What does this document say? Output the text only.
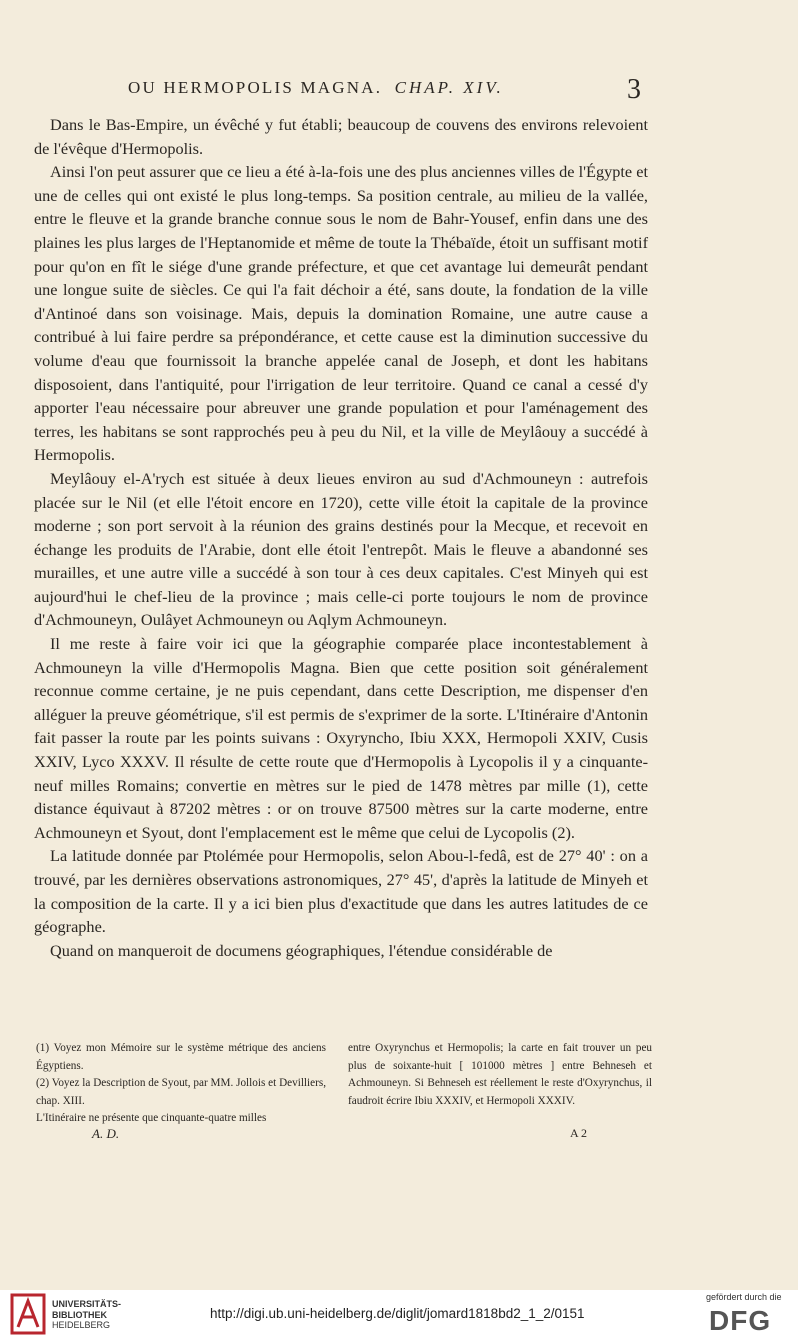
OU HERMOPOLIS MAGNA. CHAP. XIV.	3

Dans le Bas-Empire, un évêché y fut établi; beaucoup de couvens des environs relevoient de l'évêque d'Hermopolis.

Ainsi l'on peut assurer que ce lieu a été à-la-fois une des plus anciennes villes de l'Égypte et une de celles qui ont existé le plus long-temps. Sa position centrale, au milieu de la vallée, entre le fleuve et la grande branche connue sous le nom de Bahr-Yousef, enfin dans une des plaines les plus larges de l'Heptanomide et même de toute la Thébaïde, étoit un suffisant motif pour qu'on en fît le siége d'une grande préfecture, et que cet avantage lui demeurât pendant une longue suite de siècles. Ce qui l'a fait déchoir a été, sans doute, la fondation de la ville d'Antinoé dans son voisinage. Mais, depuis la domination Romaine, une autre cause a contribué à lui faire perdre sa prépondérance, et cette cause est la diminution successive du volume d'eau que fournissoit la branche appelée canal de Joseph, et dont les habitans disposoient, dans l'antiquité, pour l'irrigation de leur territoire. Quand ce canal a cessé d'y apporter l'eau nécessaire pour abreuver une grande population et pour l'aménagement des terres, les habitans se sont rapprochés peu à peu du Nil, et la ville de Meylâouy a succédé à Hermopolis.

Meylâouy el-A'rych est située à deux lieues environ au sud d'Achmouneyn : autrefois placée sur le Nil (et elle l'étoit encore en 1720), cette ville étoit la capitale de la province moderne ; son port servoit à la réunion des grains destinés pour la Mecque, et recevoit en échange les produits de l'Arabie, dont elle étoit l'entrepôt. Mais le fleuve a abandonné ses murailles, et une autre ville a succédé à son tour à ces deux capitales. C'est Minyeh qui est aujourd'hui le chef-lieu de la province ; mais celle-ci porte toujours le nom de province d'Achmouneyn, Oulâyet Achmouneyn ou Aqlym Achmouneyn.

Il me reste à faire voir ici que la géographie comparée place incontestablement à Achmouneyn la ville d'Hermopolis Magna. Bien que cette position soit généralement reconnue comme certaine, je ne puis cependant, dans cette Description, me dispenser d'en alléguer la preuve géométrique, s'il est permis de s'exprimer de la sorte. L'Itinéraire d'Antonin fait passer la route par les points suivans : Oxyryncho, Ibiu XXX, Hermopoli XXIV, Cusis XXIV, Lyco XXXV. Il résulte de cette route que d'Hermopolis à Lycopolis il y a cinquante-neuf milles Romains; convertie en mètres sur le pied de 1478 mètres par mille (1), cette distance équivaut à 87202 mètres : or on trouve 87500 mètres sur la carte moderne, entre Achmouneyn et Syout, dont l'emplacement est le même que celui de Lycopolis (2).

La latitude donnée par Ptolémée pour Hermopolis, selon Abou-l-fedâ, est de 27° 40' : on a trouvé, par les dernières observations astronomiques, 27° 45', d'après la latitude de Minyeh et la composition de la carte. Il y a ici bien plus d'exactitude que dans les autres latitudes de ce géographe.

Quand on manqueroit de documens géographiques, l'étendue considérable de

(1) Voyez mon Mémoire sur le système métrique des anciens Égyptiens.

(2) Voyez la Description de Syout, par MM. Jollois et Devilliers, chap. XIII.

L'Itinéraire ne présente que cinquante-quatre milles

entre Oxyrynchus et Hermopolis; la carte en fait trouver un peu plus de soixante-huit [ 101000 mètres ] entre Behneseh et Achmouneyn. Si Behneseh est réellement le reste d'Oxyrynchus, il faudroit écrire Ibiu XXXIV, et Hermopoli XXXIV.

A. D.	A 2
UNIVERSITÄTS-
BIBLIOTHEK
HEIDELBERG
http://digi.ub.uni-heidelberg.de/diglit/jomard1818bd2_1_2/0151
gefördert durch die
DFG
